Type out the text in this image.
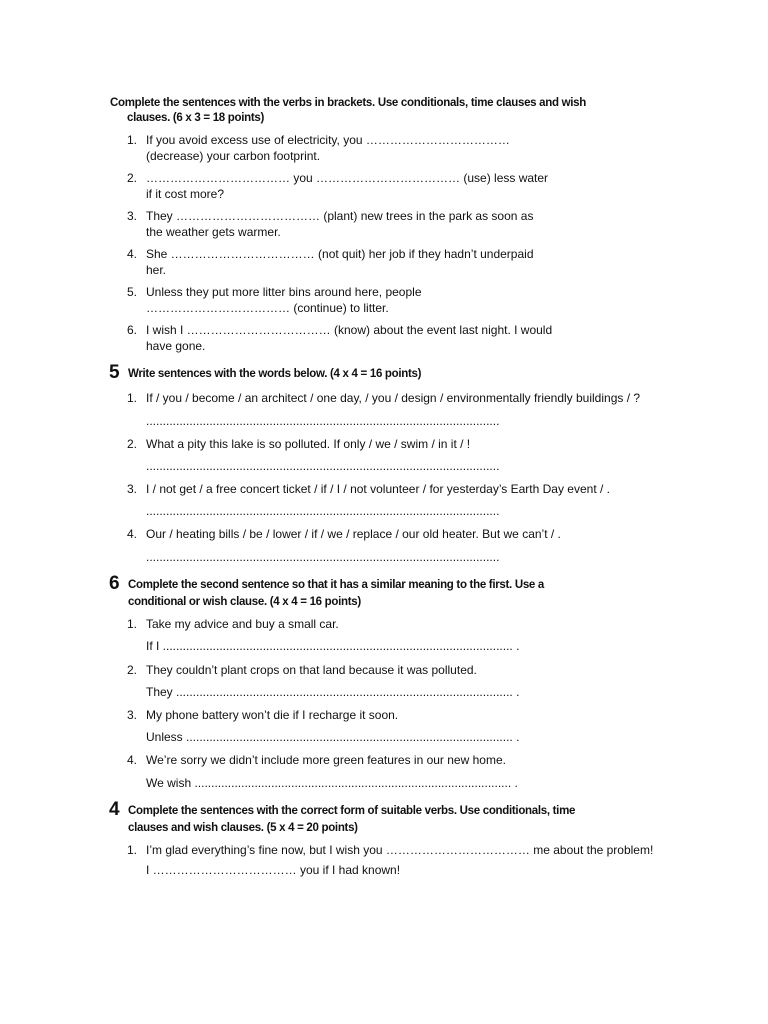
Complete the sentences with the verbs in brackets. Use conditionals, time clauses and wish
clauses. (6 x 3 = 18 points)
1. If you avoid excess use of electricity, you ………………………………
(decrease) your carbon footprint.
2. ……………………………… you ……………………………… (use) less water
if it cost more?
3. They ……………………………… (plant) new trees in the park as soon as
the weather gets warmer.
4. She ……………………………… (not quit) her job if they hadn’t underpaid
her.
5. Unless they put more litter bins around here, people
……………………………… (continue) to litter.
6. I wish I ……………………………… (know) about the event last night. I would
have gone.
5 Write sentences with the words below. (4 x 4 = 16 points)
1. If / you / become / an architect / one day, / you / design / environmentally friendly buildings / ?
..........................................................................................................
2. What a pity this lake is so polluted. If only / we / swim / in it / !
..........................................................................................................
3. I / not get / a free concert ticket / if / I / not volunteer / for yesterday’s Earth Day event / .
..........................................................................................................
4. Our / heating bills / be / lower / if / we / replace / our old heater. But we can’t / .
..........................................................................................................
6 Complete the second sentence so that it has a similar meaning to the first. Use a
conditional or wish clause. (4 x 4 = 16 points)
1. Take my advice and buy a small car.
If I ......................................................................................................... .
2. They couldn’t plant crops on that land because it was polluted.
They ..................................................................................................... .
3. My phone battery won’t die if I recharge it soon.
Unless .................................................................................................. .
4. We’re sorry we didn’t include more green features in our new home.
We wish ............................................................................................... .
4 Complete the sentences with the correct form of suitable verbs. Use conditionals, time
clauses and wish clauses. (5 x 4 = 20 points)
1. I’m glad everything’s fine now, but I wish you ……………………………… me about the problem!
I ……………………………… you if I had known!
